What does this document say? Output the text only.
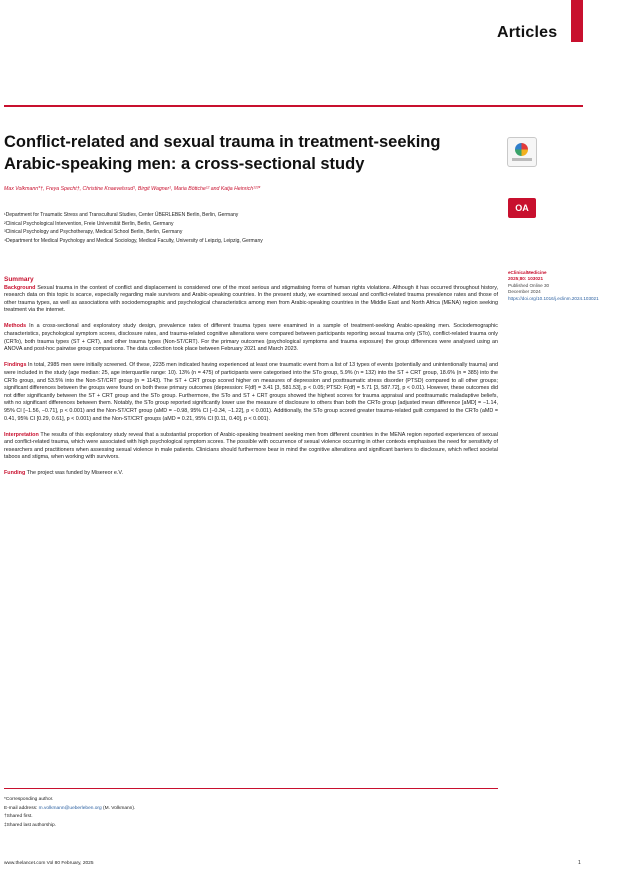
Articles
Conflict-related and sexual trauma in treatment-seeking Arabic-speaking men: a cross-sectional study
OA
Max Volkmann*†, Freya Specht†, Christine Knaevelsrud¹, Birgit Wagner¹, Maria Böttche¹² and Katja Heinrich¹²³*
¹Department for Traumatic Stress and Transcultural Studies, Center ÜBERLEBEN Berlin, Berlin, Germany
²Clinical Psychological Intervention, Freie Universität Berlin, Berlin, Germany
³Clinical Psychology and Psychotherapy, Medical School Berlin, Berlin, Germany
⁴Department for Medical Psychology and Medical Sociology, Medical Faculty, University of Leipzig, Leipzig, Germany
Summary

Background Sexual trauma in the context of conflict and displacement is considered one of the most serious and stigmatising forms of human rights violations. Although it has occurred throughout history, research data on this topic is scarce, especially regarding male survivors and Arabic-speaking countries. In the present study, we examined sexual and conflict-related trauma prevalence rates and those of other trauma types, as well as associations with sociodemographic and psychological characteristics among men from Arabic-speaking countries in the Middle East and North Africa (MENA) region seeking treatment via the internet.

Methods In a cross-sectional and exploratory study design, prevalence rates of different trauma types were examined in a sample of treatment-seeking Arabic-speaking men. Sociodemographic characteristics, psychological symptom scores, disclosure rates, and trauma-related cognitive alterations were compared between participants reporting sexual trauma only (STo), conflict-related trauma only (CRTo), both trauma types (ST + CRT), and other trauma types (Non-ST/CRT). For the primary outcomes (psychological symptoms and trauma exposure) the group differences were analysed using an ANOVA and post-hoc pairwise group comparisons. The data collection took place between February 2021 and March 2023.

Findings In total, 2985 men were initially screened. Of these, 2235 men indicated having experienced at least one traumatic event from a list of 13 types of events (potentially and unintentionally trauma) and were included in the study (age median: 25, age interquartile range: 10). 13% (n = 475) of participants were categorised into the STo group, 5.9% (n = 132) into the ST + CRT group, 18.6% (n = 385) into the CRTo group, and 53.5% into the Non-ST/CRT group (n = 1143). The ST + CRT group scored higher on measures of depression and posttraumatic stress disorder (PTSD) compared to all other groups; significant differences between the groups were found on both these primary outcomes (depression: F(df) = 3.41 [3, 581.53], p < 0.05; PTSD: F(df) = 5.71 [3, 587.72], p < 0.01). However, these outcomes did not differ significantly between the ST + CRT group and the STo group. Furthermore, the STo and ST + CRT groups showed the highest scores for trauma appraisal and posttraumatic maladaptive beliefs, with no significant differences between them. Notably, the STo group reported significantly lower use the measure of disclosure to others than both the CRTo group (adjusted mean difference [aMD] = −1.14, 95% CI [−1.56, −0.71], p < 0.001) and the Non-ST/CRT group (aMD = −0.98, 95% CI [−0.34, −1.22], p < 0.001). Additionally, the STo group scored greater trauma-related guilt compared to the CRTo (aMD = 0.41, 95% CI [0.29, 0.61], p < 0.001) and the Non-ST/CRT groups (aMD = 0.21, 95% CI [0.11, 0.40], p < 0.001).

Interpretation The results of this exploratory study reveal that a substantial proportion of Arabic-speaking treatment seeking men from different countries in the MENA region reported experiences of sexual and conflict-related trauma, which were associated with high psychological symptom scores. The possible with occurrence of sexual violence occurring in other contexts emphasises the need for sensitivity of researchers and practitioners when assessing sexual violence in male patients. Clinicians should furthermore bear in mind the cognitive alterations and significant barriers to disclosure, which reflect societal taboos and stigma, when working with survivors.

Funding The project was funded by Misereor e.V.

eClinicalMedicine
2025;80: 103021
Published Online 30 December 2024
https://doi.org/10.1016/j.eclinm.2024.103021
*Corresponding author.
E-mail address: m.volkmann@ueberleben.org (M. Volkmann).
†Shared first.
‡Shared last authorship.
www.thelancet.com Vol 80 February, 2025	1
